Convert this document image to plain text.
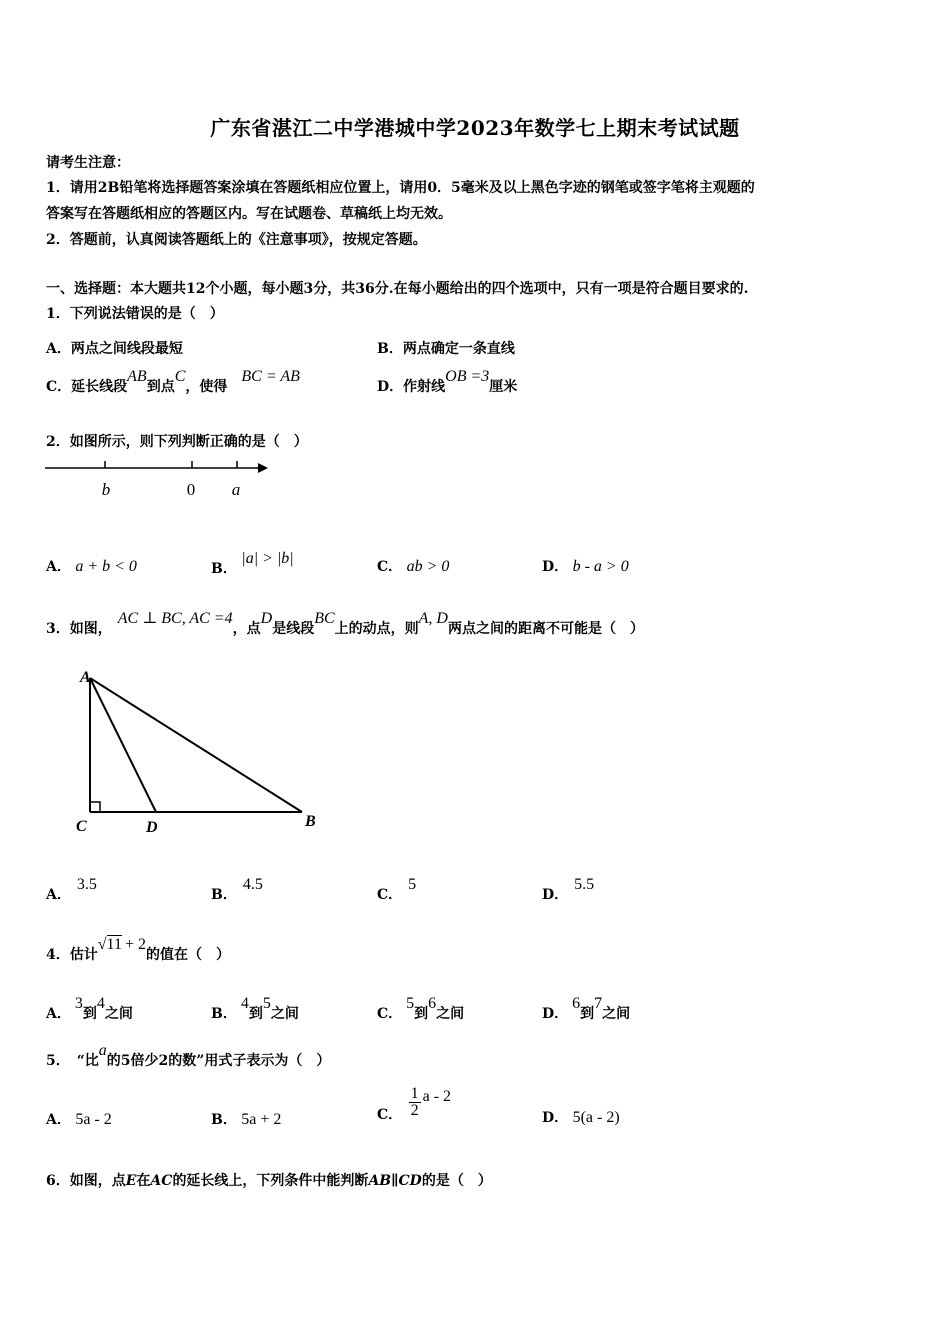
广东省湛江二中学港城中学2023年数学七上期末考试试题
请考生注意：
1．请用2B铅笔将选择题答案涂填在答题纸相应位置上，请用0．5毫米及以上黑色字迹的钢笔或签字笔将主观题的
答案写在答题纸相应的答题区内。写在试题卷、草稿纸上均无效。
2．答题前，认真阅读答题纸上的《注意事项》，按规定答题。
一、选择题：本大题共12个小题，每小题3分，共36分.在每小题给出的四个选项中，只有一项是符合题目要求的.
1．下列说法错误的是（　）
A．两点之间线段最短	B．两点确定一条直线
C．延长线段AB到点C，使得BC = AB
D．作射线OB =3厘米
2．如图所示，则下列判断正确的是（　）
b	0 a
A． a + b < 0	B． |a| > |b|	C． ab > 0	D． b - a > 0
3．如图，AC ⊥ BC, AC =4，点D是线段BC上的动点，则A, D两点之间的距离不可能是（　）
A
C	D	B
A．3.5
B．4.5
C．5
D．5.5
4．估计√11 + 2的值在（　）
A．3到4之间	B．4到5之间	C．5到6之间	D．6到7之间
5．　“比a的5倍少2的数”用式子表示为（　）
A． 5a - 2	B． 5a + 2	C． $\frac{1}{2}$ a - 2
D． 5(a - 2)
6．如图，点E在AC的延长线上，下列条件中能判断AB∥CD的是（　）
